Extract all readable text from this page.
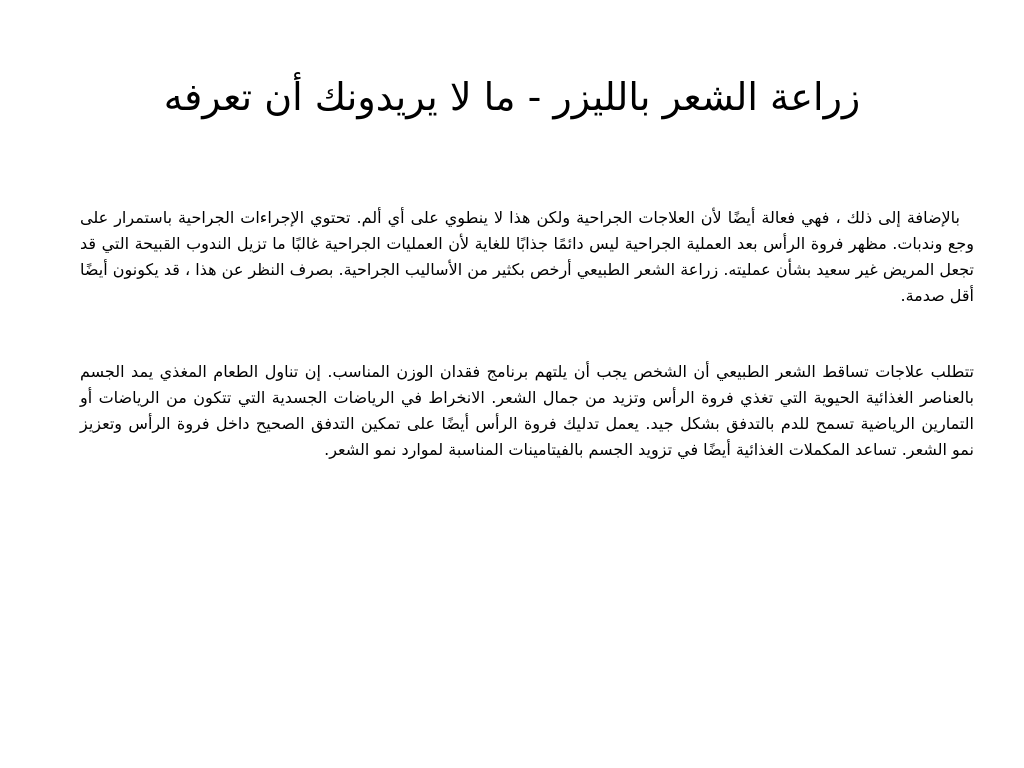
زراعة الشعر بالليزر - ما لا يريدونك أن تعرفه

بالإضافة إلى ذلك ، فهي فعالة أيضًا لأن العلاجات الجراحية ولكن هذا لا ينطوي على أي ألم. تحتوي الإجراءات الجراحية باستمرار على وجع وندبات. مظهر فروة الرأس بعد العملية الجراحية ليس دائمًا جذابًا للغاية لأن العمليات الجراحية غالبًا ما تزيل الندوب القبيحة التي قد تجعل المريض غير سعيد بشأن عمليته. زراعة الشعر الطبيعي أرخص بكثير من الأساليب الجراحية. بصرف النظر عن هذا ، قد يكونون أيضًا أقل صدمة.

تتطلب علاجات تساقط الشعر الطبيعي أن الشخص يجب أن يلتهم برنامج فقدان الوزن المناسب. إن تناول الطعام المغذي يمد الجسم بالعناصر الغذائية الحيوية التي تغذي فروة الرأس وتزيد من جمال الشعر. الانخراط في الرياضات الجسدية التي تتكون من الرياضات أو التمارين الرياضية تسمح للدم بالتدفق بشكل جيد. يعمل تدليك فروة الرأس أيضًا على تمكين التدفق الصحيح داخل فروة الرأس وتعزيز نمو الشعر. تساعد المكملات الغذائية أيضًا في تزويد الجسم بالفيتامينات المناسبة لموارد نمو الشعر.
